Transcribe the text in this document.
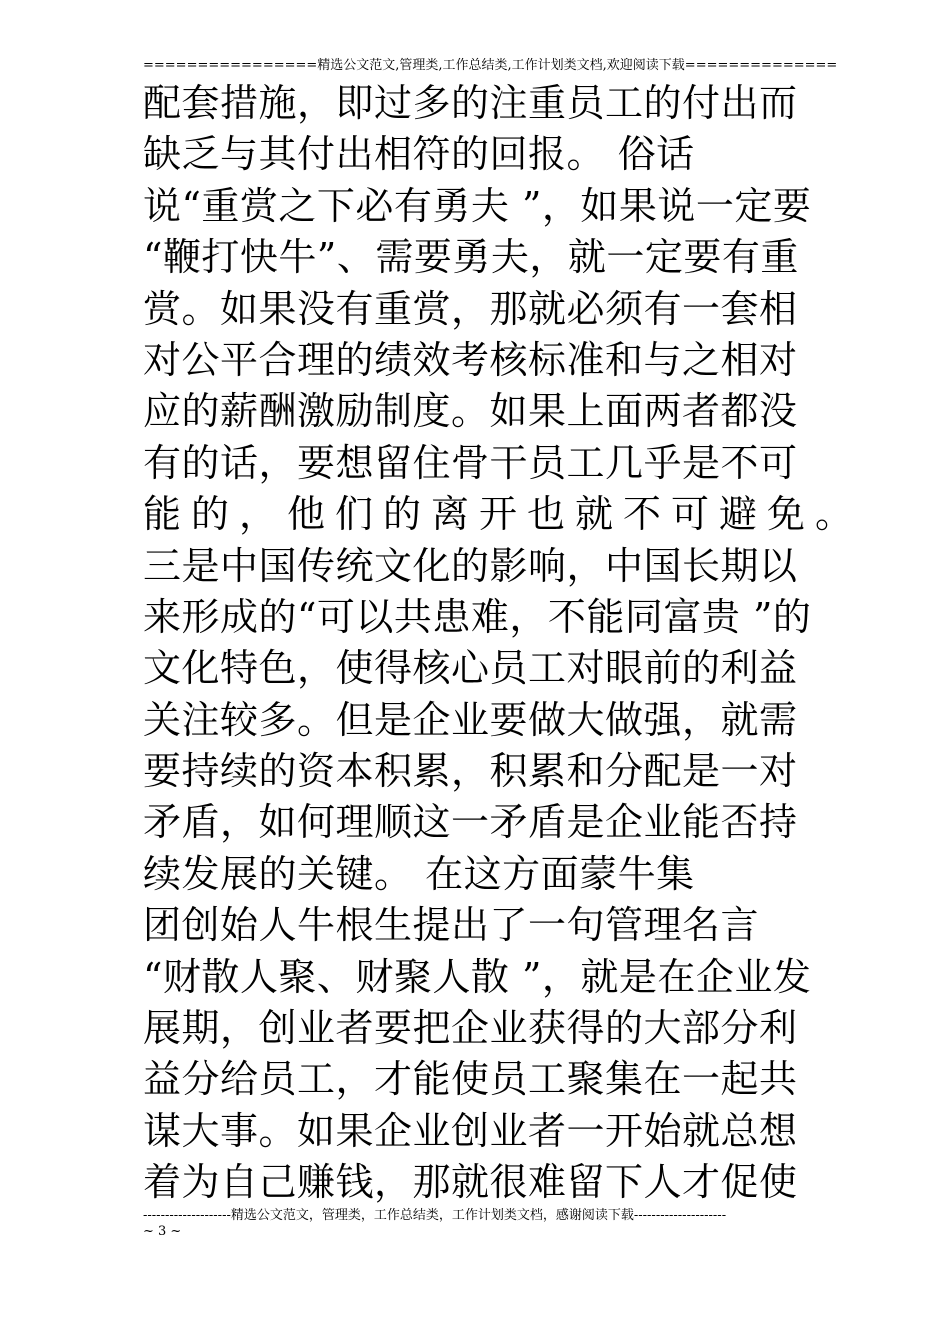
================精选公文范文,管理类,工作总结类,工作计划类文档,欢迎阅读下载==============
配套措施，即过多的注重员工的付出而
缺乏与其付出相符的回报。 俗话
说“重赏之下必有勇夫 ”，如果说一定要
“鞭打快牛”、需要勇夫，就一定要有重
赏。如果没有重赏，那就必须有一套相
对公平合理的绩效考核标准和与之相对
应的薪酬激励制度。如果上面两者都没
有的话，要想留住骨干员工几乎是不可
能的，他们的离开也就不可避免。
三是中国传统文化的影响，中国长期以
来形成的“可以共患难，不能同富贵 ”的
文化特色，使得核心员工对眼前的利益
关注较多。但是企业要做大做强，就需
要持续的资本积累，积累和分配是一对
矛盾，如何理顺这一矛盾是企业能否持
续发展的关键。 在这方面蒙牛集
团创始人牛根生提出了一句管理名言
“财散人聚、财聚人散 ”，就是在企业发
展期，创业者要把企业获得的大部分利
益分给员工，才能使员工聚集在一起共
谋大事。如果企业创业者一开始就总想
着为自己赚钱，那就很难留下人才促使
--------------------精选公文范文，管理类，工作总结类，工作计划类文档，感谢阅读下载---------------------
~ 3 ~
